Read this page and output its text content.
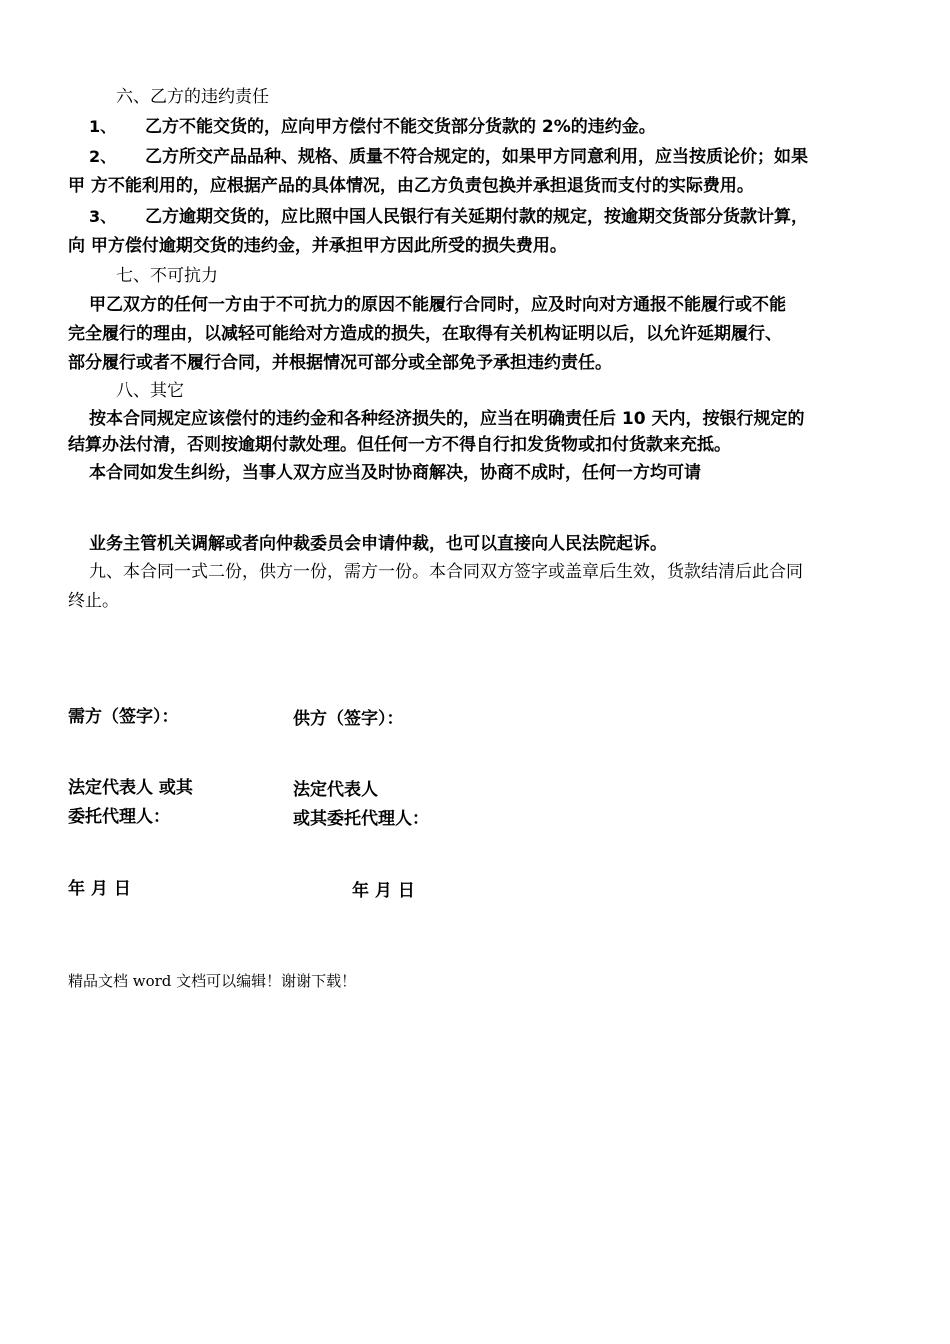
六、乙方的违约责任
1、 乙方不能交货的，应向甲方偿付不能交货部分货款的 2%的违约金。
2、 乙方所交产品品种、规格、质量不符合规定的，如果甲方同意利用，应当按质论价；如果
甲 方不能利用的，应根据产品的具体情况，由乙方负责包换并承担退货而支付的实际费用。
3、 乙方逾期交货的，应比照中国人民银行有关延期付款的规定，按逾期交货部分货款计算，
向 甲方偿付逾期交货的违约金，并承担甲方因此所受的损失费用。
七、不可抗力
甲乙双方的任何一方由于不可抗力的原因不能履行合同时，应及时向对方通报不能履行或不能
完全履行的理由，以减轻可能给对方造成的损失，在取得有关机构证明以后，以允许延期履行、
部分履行或者不履行合同，并根据情况可部分或全部免予承担违约责任。
八、其它
按本合同规定应该偿付的违约金和各种经济损失的，应当在明确责任后 10 天内，按银行规定的
结算办法付清，否则按逾期付款处理。但任何一方不得自行扣发货物或扣付货款来充抵。
本合同如发生纠纷，当事人双方应当及时协商解决，协商不成时，任何一方均可请
业务主管机关调解或者向仲裁委员会申请仲裁，也可以直接向人民法院起诉。
九、本合同一式二份，供方一份，需方一份。本合同双方签字或盖章后生效，货款结清后此合同
终止。
需方（签字）：
法定代表人 或其
委托代理人：
年 月 日
供方（签字）：
法定代表人
或其委托代理人：
年 月 日
精品文档 word 文档可以编辑！谢谢下载！
